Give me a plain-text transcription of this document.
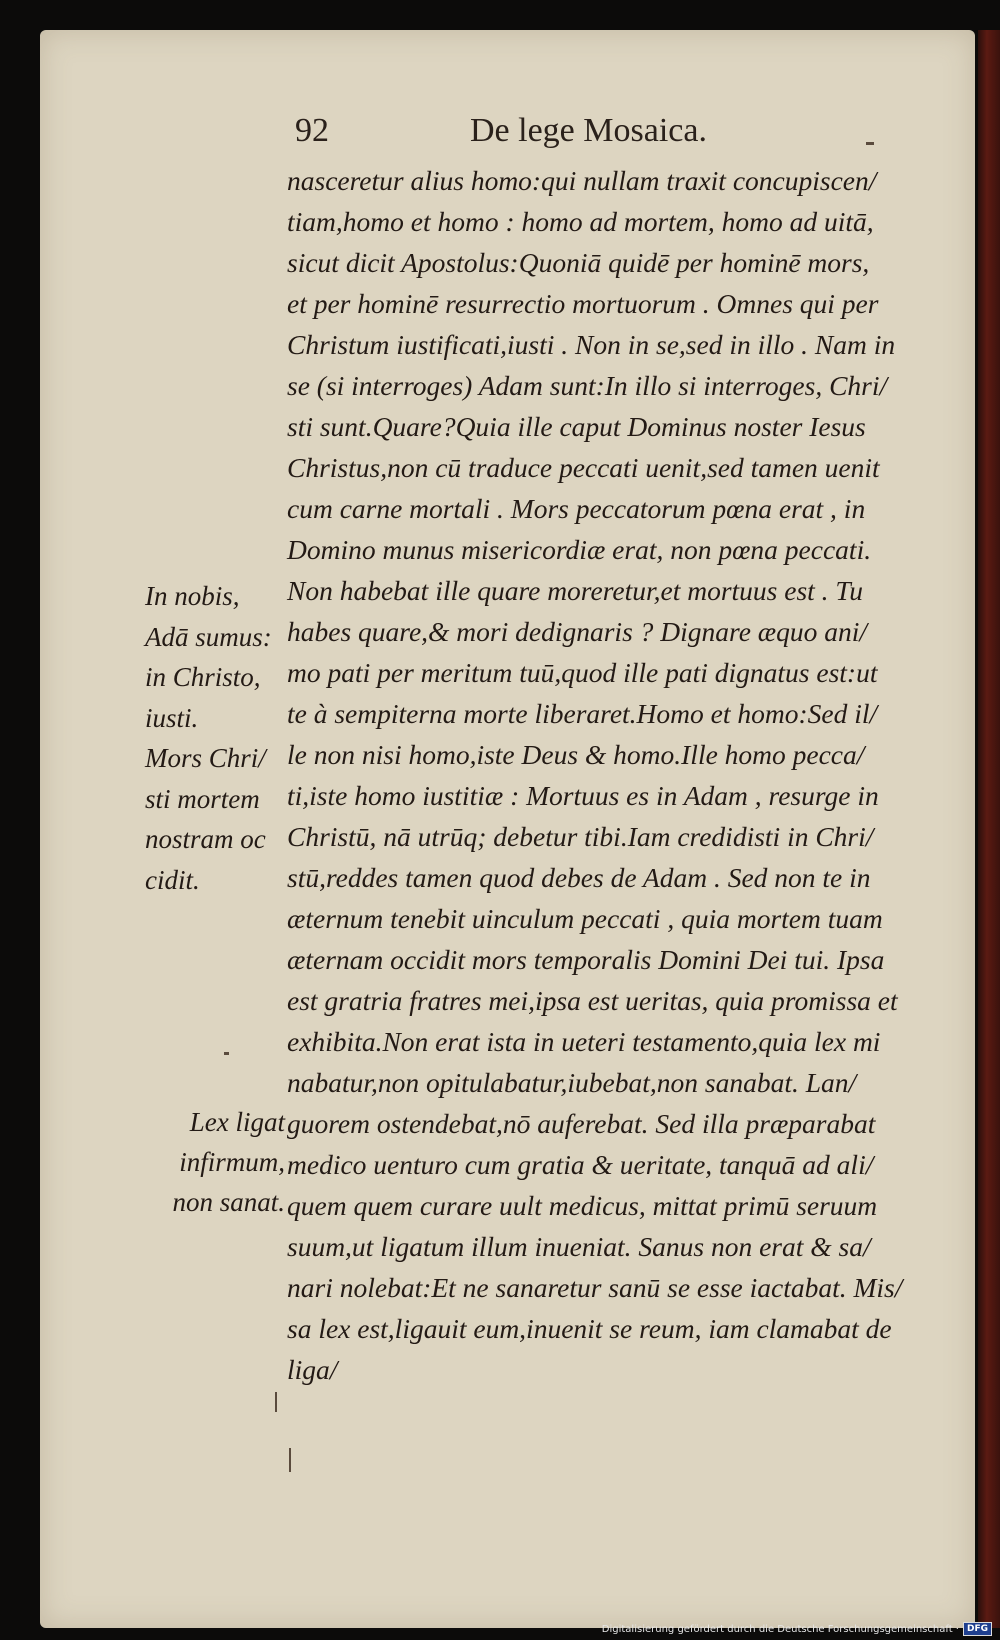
92	De lege Mosaica.
nasceretur alius homo:qui nullam traxit concupiscen/
tiam,homo et homo : homo ad mortem, homo ad uitā,
sicut dicit Apostolus:Quoniā quidē per hominē mors,
et per hominē resurrectio mortuorum . Omnes qui per
Christum iustificati,iusti . Non in se,sed in illo . Nam in
se (si interroges) Adam sunt:In illo si interroges, Chri/
sti sunt.Quare?Quia ille caput Dominus noster Iesus
Christus,non cū traduce peccati uenit,sed tamen uenit
cum carne mortali . Mors peccatorum pœna erat , in
Domino munus misericordiæ erat, non pœna peccati.
Non habebat ille quare moreretur,et mortuus est . Tu
habes quare,& mori dedignaris ? Dignare æquo ani/
mo pati per meritum tuū,quod ille pati dignatus est:ut
te à sempiterna morte liberaret.Homo et homo:Sed il/
le non nisi homo,iste Deus & homo.Ille homo pecca/
ti,iste homo iustitiæ : Mortuus es in Adam , resurge in
Christū, nā utrūq; debetur tibi.Iam credidisti in Chri/
stū,reddes tamen quod debes de Adam . Sed non te in
æternum tenebit uinculum peccati , quia mortem tuam
æternam occidit mors temporalis Domini Dei tui. Ipsa
est gratria fratres mei,ipsa est ueritas, quia promissa et
exhibita.Non erat ista in ueteri testamento,quia lex mi
nabatur,non opitulabatur,iubebat,non sanabat. Lan/
guorem ostendebat,nō auferebat. Sed illa præparabat
medico uenturo cum gratia & ueritate, tanquā ad ali/
quem quem curare uult medicus, mittat primū seruum
suum,ut ligatum illum inueniat. Sanus non erat & sa/
nari nolebat:Et ne sanaretur sanū se esse iactabat. Mis/
sa lex est,ligauit eum,inuenit se reum, iam clamabat de
liga/
In nobis,
Adā sumus:
in Christo,
iusti.
Mors Chri/
sti mortem
nostram oc
cidit.
Lex ligat
infirmum,
non sanat.
Digitalisierung gefördert durch die Deutsche Forschungsgemeinschaft · DFG
